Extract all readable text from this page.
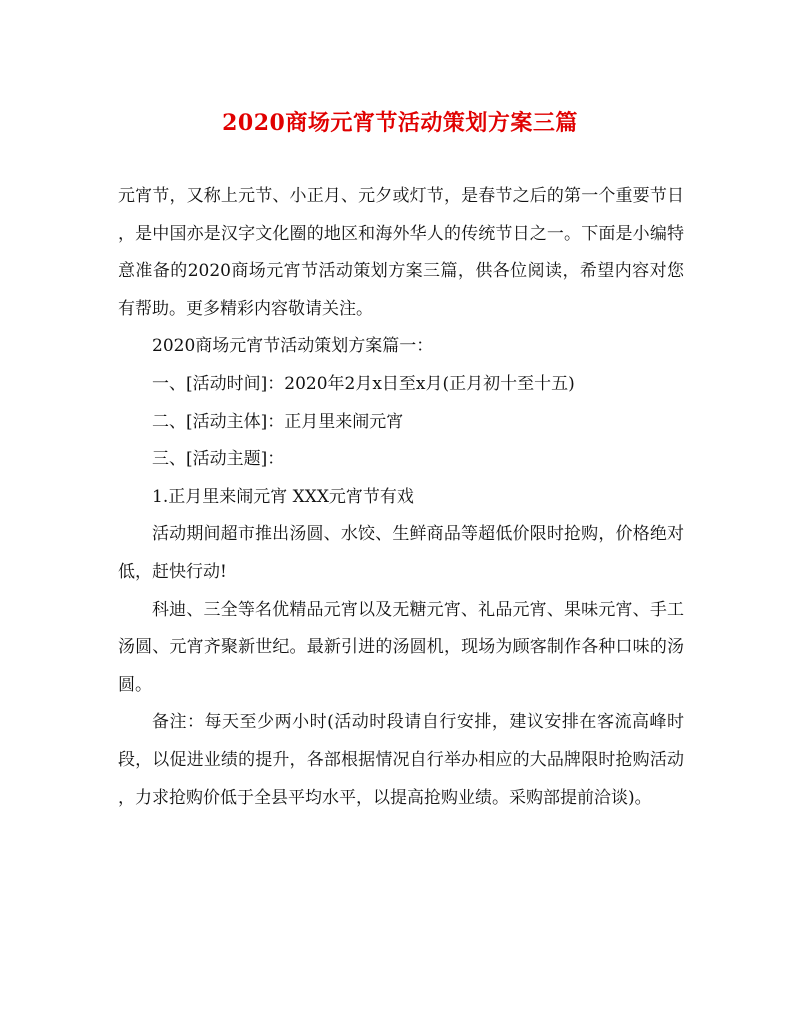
2020商场元宵节活动策划方案三篇

元宵节，又称上元节、小正月、元夕或灯节，是春节之后的第一个重要节日，是中国亦是汉字文化圈的地区和海外华人的传统节日之一。下面是小编特意准备的2020商场元宵节活动策划方案三篇，供各位阅读，希望内容对您有帮助。更多精彩内容敬请关注。

2020商场元宵节活动策划方案篇一：

一、[活动时间]：2020年2月x日至x月(正月初十至十五)

二、[活动主体]：正月里来闹元宵

三、[活动主题]：

1.正月里来闹元宵 XXX元宵节有戏

活动期间超市推出汤圆、水饺、生鲜商品等超低价限时抢购，价格绝对低，赶快行动!

科迪、三全等名优精品元宵以及无糖元宵、礼品元宵、果味元宵、手工汤圆、元宵齐聚新世纪。最新引进的汤圆机，现场为顾客制作各种口味的汤圆。

备注：每天至少两小时(活动时段请自行安排，建议安排在客流高峰时段，以促进业绩的提升，各部根据情况自行举办相应的大品牌限时抢购活动，力求抢购价低于全县平均水平，以提高抢购业绩。采购部提前洽谈)。
